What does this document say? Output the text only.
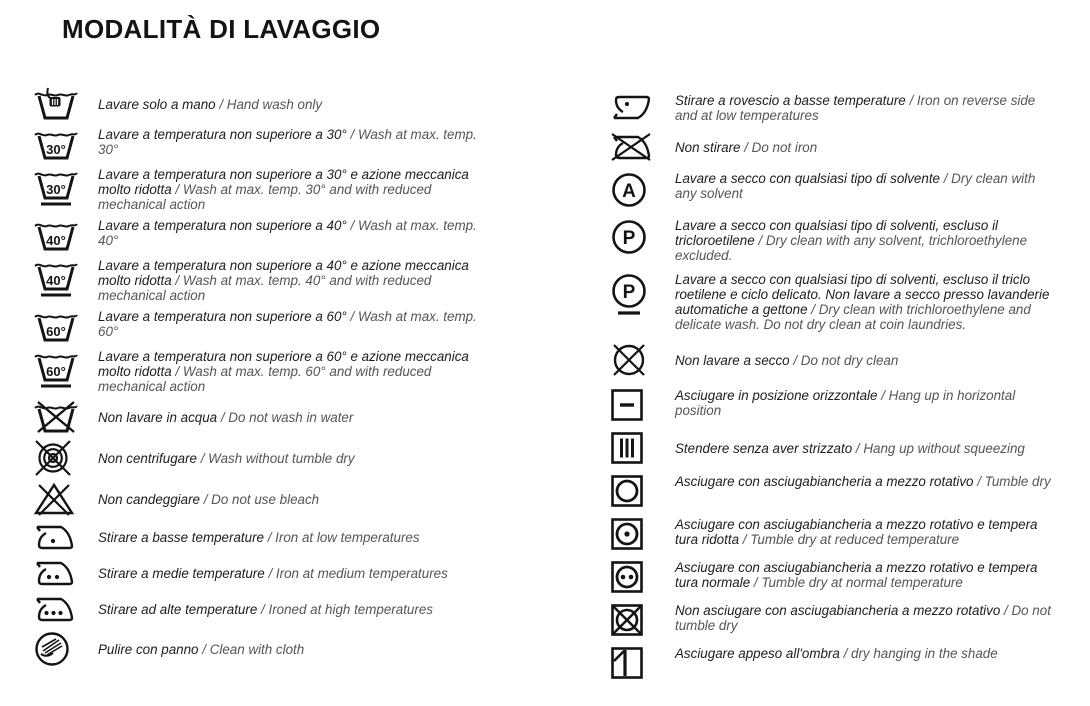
MODALITÀ DI LAVAGGIO

Lavare solo a mano / Hand wash only

30°

Lavare a temperatura non superiore a 30° / Wash at max. temp. 30°

30°

Lavare a temperatura non superiore a 30° e azione meccanica molto ridotta / Wash at max. temp. 30° and with reduced mechanical action

40°

Lavare a temperatura non superiore a 40° / Wash at max. temp. 40°

40°

Lavare a temperatura non superiore a 40° e azione meccanica molto ridotta / Wash at max. temp. 40° and with reduced mechanical action

60°

Lavare a temperatura non superiore a 60° / Wash at max. temp. 60°

60°

Lavare a temperatura non superiore a 60° e azione meccanica molto ridotta / Wash at max. temp. 60° and with reduced mechanical action

Non lavare in acqua / Do not wash in water

Non centrifugare / Wash without tumble dry

Non candeggiare / Do not use bleach

Stirare a basse temperature / Iron at low temperatures

Stirare a medie temperature / Iron at medium temperatures

Stirare ad alte temperature / Ironed at high temperatures

Pulire con panno / Clean with cloth

Stirare a rovescio a basse temperature / Iron on reverse side and at low temperatures

Non stirare / Do not iron

A

Lavare a secco con qualsiasi tipo di solvente / Dry clean with any solvent

P

Lavare a secco con qualsiasi tipo di solventi, escluso il tricloroetilene / Dry clean with any solvent, trichloroethylene excluded.

P

Lavare a secco con qualsiasi tipo di solventi, escluso il triclo roetilene e ciclo delicato. Non lavare a secco presso lavanderie automatiche a gettone / Dry clean with trichloroethylene and delicate wash. Do not dry clean at coin laundries.

Non lavare a secco / Do not dry clean

Asciugare in posizione orizzontale / Hang up in horizontal position

Stendere senza aver strizzato / Hang up without squeezing

Asciugare con asciugabiancheria a mezzo rotativo / Tumble dry

Asciugare con asciugabiancheria a mezzo rotativo e tempera tura ridotta / Tumble dry at reduced temperature

Asciugare con asciugabiancheria a mezzo rotativo e tempera tura normale / Tumble dry at normal temperature

Non asciugare con asciugabiancheria a mezzo rotativo / Do not tumble dry

Asciugare appeso all'ombra / dry hanging in the shade
